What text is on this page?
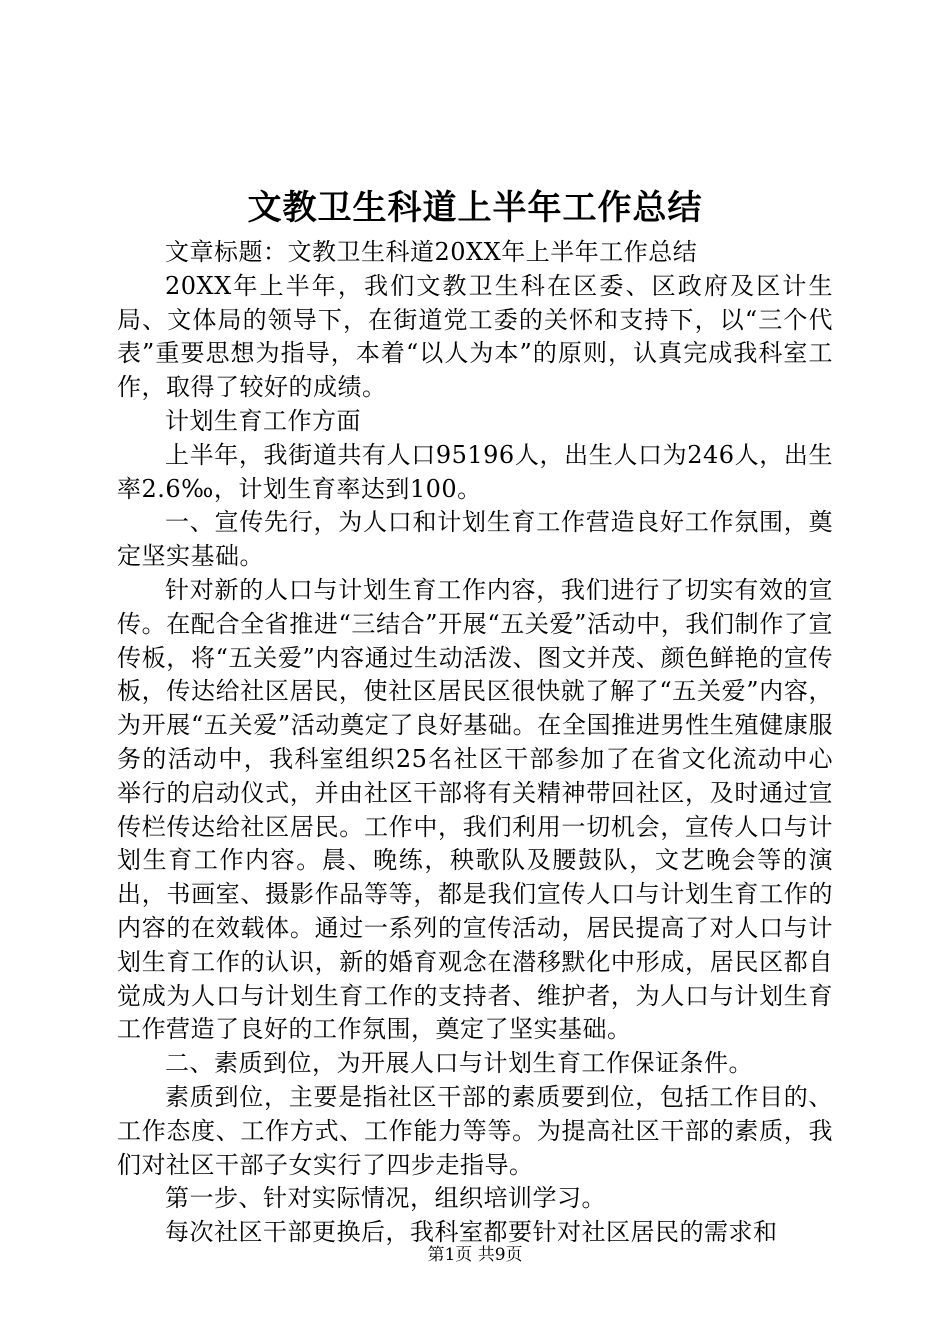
文教卫生科道上半年工作总结

文章标题：文教卫生科道20XX年上半年工作总结

20XX年上半年，我们文教卫生科在区委、区政府及区计生局、文体局的领导下，在街道党工委的关怀和支持下，以“三个代表”重要思想为指导，本着“以人为本”的原则，认真完成我科室工作，取得了较好的成绩。

计划生育工作方面

上半年，我街道共有人口95196人，出生人口为246人，出生率2.6‰，计划生育率达到100。

一、宣传先行，为人口和计划生育工作营造良好工作氛围，奠定坚实基础。

针对新的人口与计划生育工作内容，我们进行了切实有效的宣传。在配合全省推进“三结合”开展“五关爱”活动中，我们制作了宣传板，将“五关爱”内容通过生动活泼、图文并茂、颜色鲜艳的宣传板，传达给社区居民，使社区居民区很快就了解了“五关爱”内容，为开展“五关爱”活动奠定了良好基础。在全国推进男性生殖健康服务的活动中，我科室组织25名社区干部参加了在省文化流动中心举行的启动仪式，并由社区干部将有关精神带回社区，及时通过宣传栏传达给社区居民。工作中，我们利用一切机会，宣传人口与计划生育工作内容。晨、晚练，秧歌队及腰鼓队，文艺晚会等的演出，书画室、摄影作品等等，都是我们宣传人口与计划生育工作的内容的在效载体。通过一系列的宣传活动，居民提高了对人口与计划生育工作的认识，新的婚育观念在潜移默化中形成，居民区都自觉成为人口与计划生育工作的支持者、维护者，为人口与计划生育工作营造了良好的工作氛围，奠定了坚实基础。

二、素质到位，为开展人口与计划生育工作保证条件。

素质到位，主要是指社区干部的素质要到位，包括工作目的、工作态度、工作方式、工作能力等等。为提高社区干部的素质，我们对社区干部子女实行了四步走指导。

第一步、针对实际情况，组织培训学习。

每次社区干部更换后，我科室都要针对社区居民的需求和

第1页 共9页
